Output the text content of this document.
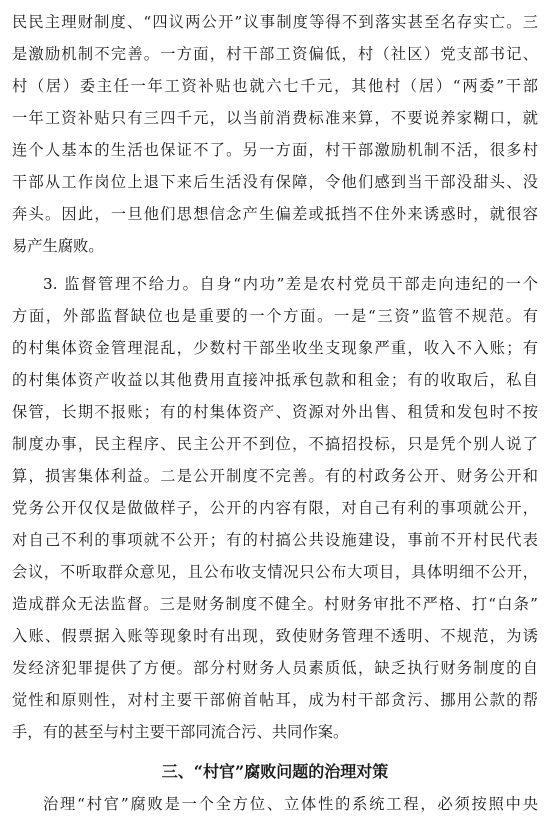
民民主理财制度、“四议两公开”议事制度等得不到落实甚至名存实亡。三
是激励机制不完善。一方面，村干部工资偏低，村（社区）党支部书记、
村（居）委主任一年工资补贴也就六七千元，其他村（居）“两委”干部
一年工资补贴只有三四千元，以当前消费标准来算，不要说养家糊口，就
连个人基本的生活也保证不了。另一方面，村干部激励机制不活，很多村
干部从工作岗位上退下来后生活没有保障，令他们感到当干部没甜头、没
奔头。因此，一旦他们思想信念产生偏差或抵挡不住外来诱惑时，就很容
易产生腐败。
3. 监督管理不给力。自身“内功”差是农村党员干部走向违纪的一个
方面，外部监督缺位也是重要的一个方面。一是“三资”监管不规范。有
的村集体资金管理混乱，少数村干部坐收坐支现象严重，收入不入账；有
的村集体资产收益以其他费用直接冲抵承包款和租金；有的收取后，私自
保管，长期不报账；有的村集体资产、资源对外出售、租赁和发包时不按
制度办事，民主程序、民主公开不到位，不搞招投标，只是凭个别人说了
算，损害集体利益。二是公开制度不完善。有的村政务公开、财务公开和
党务公开仅仅是做做样子，公开的内容有限，对自己有利的事项就公开，
对自己不利的事项就不公开；有的村搞公共设施建设，事前不开村民代表
会议，不听取群众意见，且公布收支情况只公布大项目，具体明细不公开，
造成群众无法监督。三是财务制度不健全。村财务审批不严格、打“白条”
入账、假票据入账等现象时有出现，致使财务管理不透明、不规范，为诱
发经济犯罪提供了方便。部分村财务人员素质低，缺乏执行财务制度的自
觉性和原则性，对村主要干部俯首帖耳，成为村干部贪污、挪用公款的帮
手，有的甚至与村主要干部同流合污、共同作案。
三、“村官”腐败问题的治理对策
治理“村官”腐败是一个全方位、立体性的系统工程，必须按照中央
